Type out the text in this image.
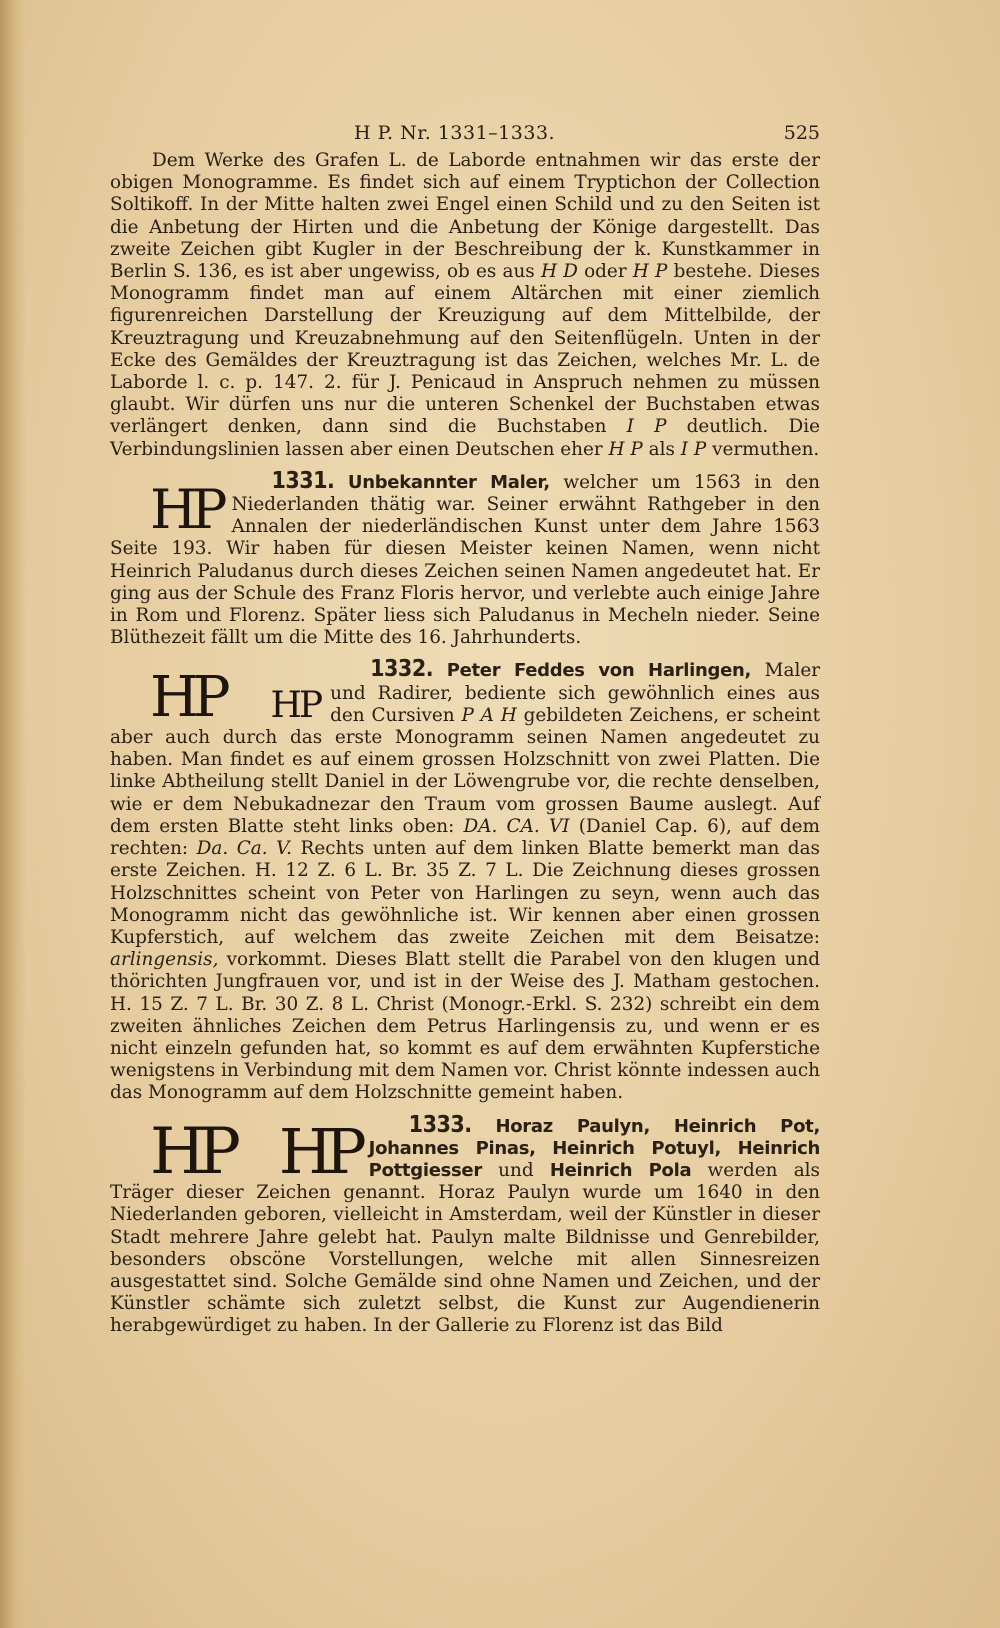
H P. Nr. 1331–1333.	525

Dem Werke des Grafen L. de Laborde entnahmen wir das erste der obigen Monogramme. Es findet sich auf einem Tryptichon der Collection Soltikoff. In der Mitte halten zwei Engel einen Schild und zu den Seiten ist die Anbetung der Hirten und die Anbetung der Könige dargestellt. Das zweite Zeichen gibt Kugler in der Beschreibung der k. Kunstkammer in Berlin S. 136, es ist aber ungewiss, ob es aus H D oder H P bestehe. Dieses Monogramm findet man auf einem Altärchen mit einer ziemlich figurenreichen Darstellung der Kreuzigung auf dem Mittelbilde, der Kreuztragung und Kreuzabnehmung auf den Seitenflügeln. Unten in der Ecke des Gemäldes der Kreuztragung ist das Zeichen, welches Mr. L. de Laborde l. c. p. 147. 2. für J. Penicaud in Anspruch nehmen zu müssen glaubt. Wir dürfen uns nur die unteren Schenkel der Buchstaben etwas verlängert denken, dann sind die Buchstaben I P deutlich. Die Verbindungslinien lassen aber einen Deutschen eher H P als I P vermuthen.

1331. Unbekannter Maler,
HP	welcher um 1563 in den Niederlanden thätig war. Seiner erwähnt Rathgeber in den Annalen der niederländischen Kunst unter dem Jahre 1563 Seite 193. Wir haben für diesen Meister keinen Namen, wenn nicht Heinrich Paludanus durch dieses Zeichen seinen Namen angedeutet hat. Er ging aus der Schule des Franz Floris hervor, und verlebte auch einige Jahre in Rom und Florenz. Später liess sich Paludanus in Mecheln nieder. Seine Blüthezeit fällt um die Mitte des 16. Jahrhunderts.

1332. Peter Feddes von Harlingen,
HP	HP
Maler und Radirer, bediente sich gewöhnlich eines aus den Cursiven P A H gebildeten Zeichens, er scheint aber auch durch das erste Monogramm seinen Namen angedeutet zu haben. Man findet es auf einem grossen Holzschnitt von zwei Platten. Die linke Abtheilung stellt Daniel in der Löwengrube vor, die rechte denselben, wie er dem Nebukadnezar den Traum vom grossen Baume auslegt. Auf dem ersten Blatte steht links oben: DA. CA. VI (Daniel Cap. 6), auf dem rechten: Da. Ca. V. Rechts unten auf dem linken Blatte bemerkt man das erste Zeichen. H. 12 Z. 6 L. Br. 35 Z. 7 L. Die Zeichnung dieses grossen Holzschnittes scheint von Peter von Harlingen zu seyn, wenn auch das Monogramm nicht das gewöhnliche ist. Wir kennen aber einen grossen Kupferstich, auf welchem das zweite Zeichen mit dem Beisatze: arlingensis, vorkommt. Dieses Blatt stellt die Parabel von den klugen und thörichten Jungfrauen vor, und ist in der Weise des J. Matham gestochen. H. 15 Z. 7 L. Br. 30 Z. 8 L. Christ (Monogr.-Erkl. S. 232) schreibt ein dem zweiten ähnliches Zeichen dem Petrus Harlingensis zu, und wenn er es nicht einzeln gefunden hat, so kommt es auf dem erwähnten Kupferstiche wenigstens in Verbindung mit dem Namen vor. Christ könnte indessen auch das Monogramm auf dem Holzschnitte gemeint haben.

1333. Horaz Paulyn,
HP HP	Heinrich Pot, Johannes Pinas, Heinrich Potuyl, Heinrich Pottgiesser und Heinrich Pola werden als Träger dieser Zeichen genannt. Horaz Paulyn wurde um 1640 in den Niederlanden geboren, vielleicht in Amsterdam, weil der Künstler in dieser Stadt mehrere Jahre gelebt hat. Paulyn malte Bildnisse und Genrebilder, besonders obscöne Vorstellungen, welche mit allen Sinnesreizen ausgestattet sind. Solche Gemälde sind ohne Namen und Zeichen, und der Künstler schämte sich zuletzt selbst, die Kunst zur Augendienerin herabgewürdiget zu haben. In der Gallerie zu Florenz ist das Bild
